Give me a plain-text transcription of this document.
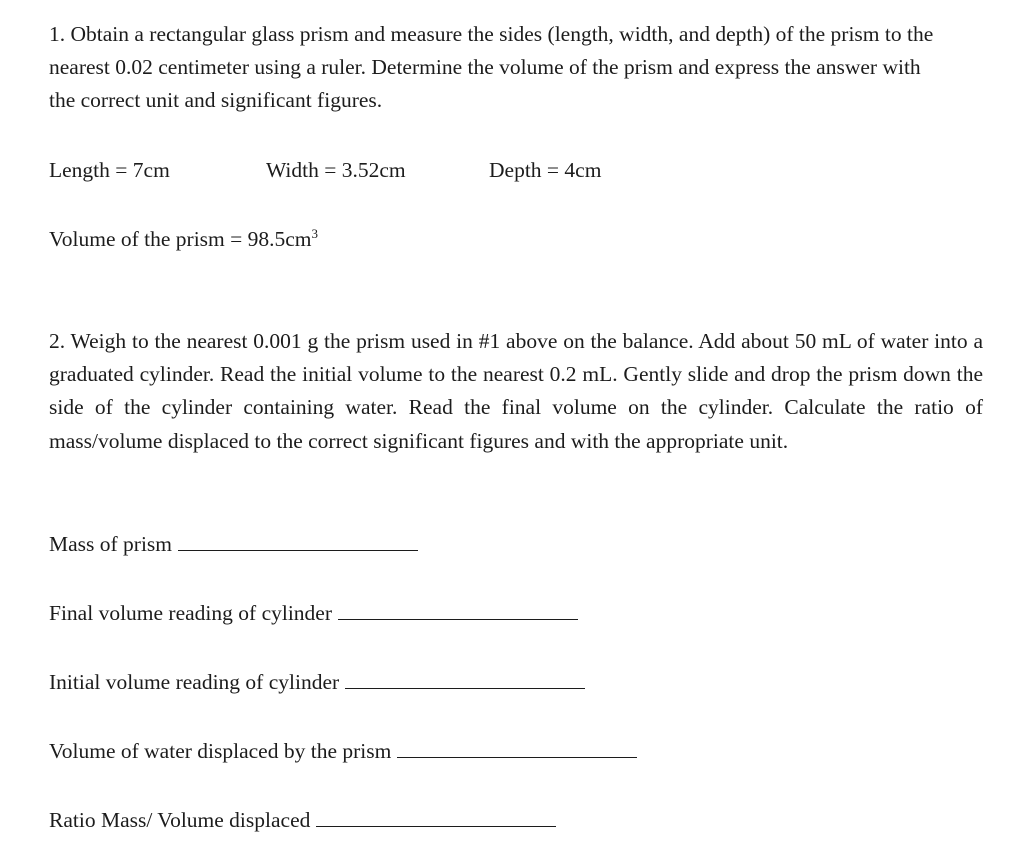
1. Obtain a rectangular glass prism and measure the sides (length, width, and depth) of the prism to the nearest 0.02 centimeter using a ruler. Determine the volume of the prism and express the answer with the correct unit and significant figures.

Length = 7cm	Width = 3.52cm	Depth = 4cm
Volume of the prism = $98.5cm^3$

2. Weigh to the nearest 0.001 g the prism used in #1 above on the balance. Add about 50 mL of water into a graduated cylinder. Read the initial volume to the nearest 0.2 mL. Gently slide and drop the prism down the side of the cylinder containing water. Read the final volume on the cylinder. Calculate the ratio of mass/volume displaced to the correct significant figures and with the appropriate unit.

Mass of prism
Final volume reading of cylinder
Initial volume reading of cylinder
Volume of water displaced by the prism
Ratio Mass/ Volume displaced
